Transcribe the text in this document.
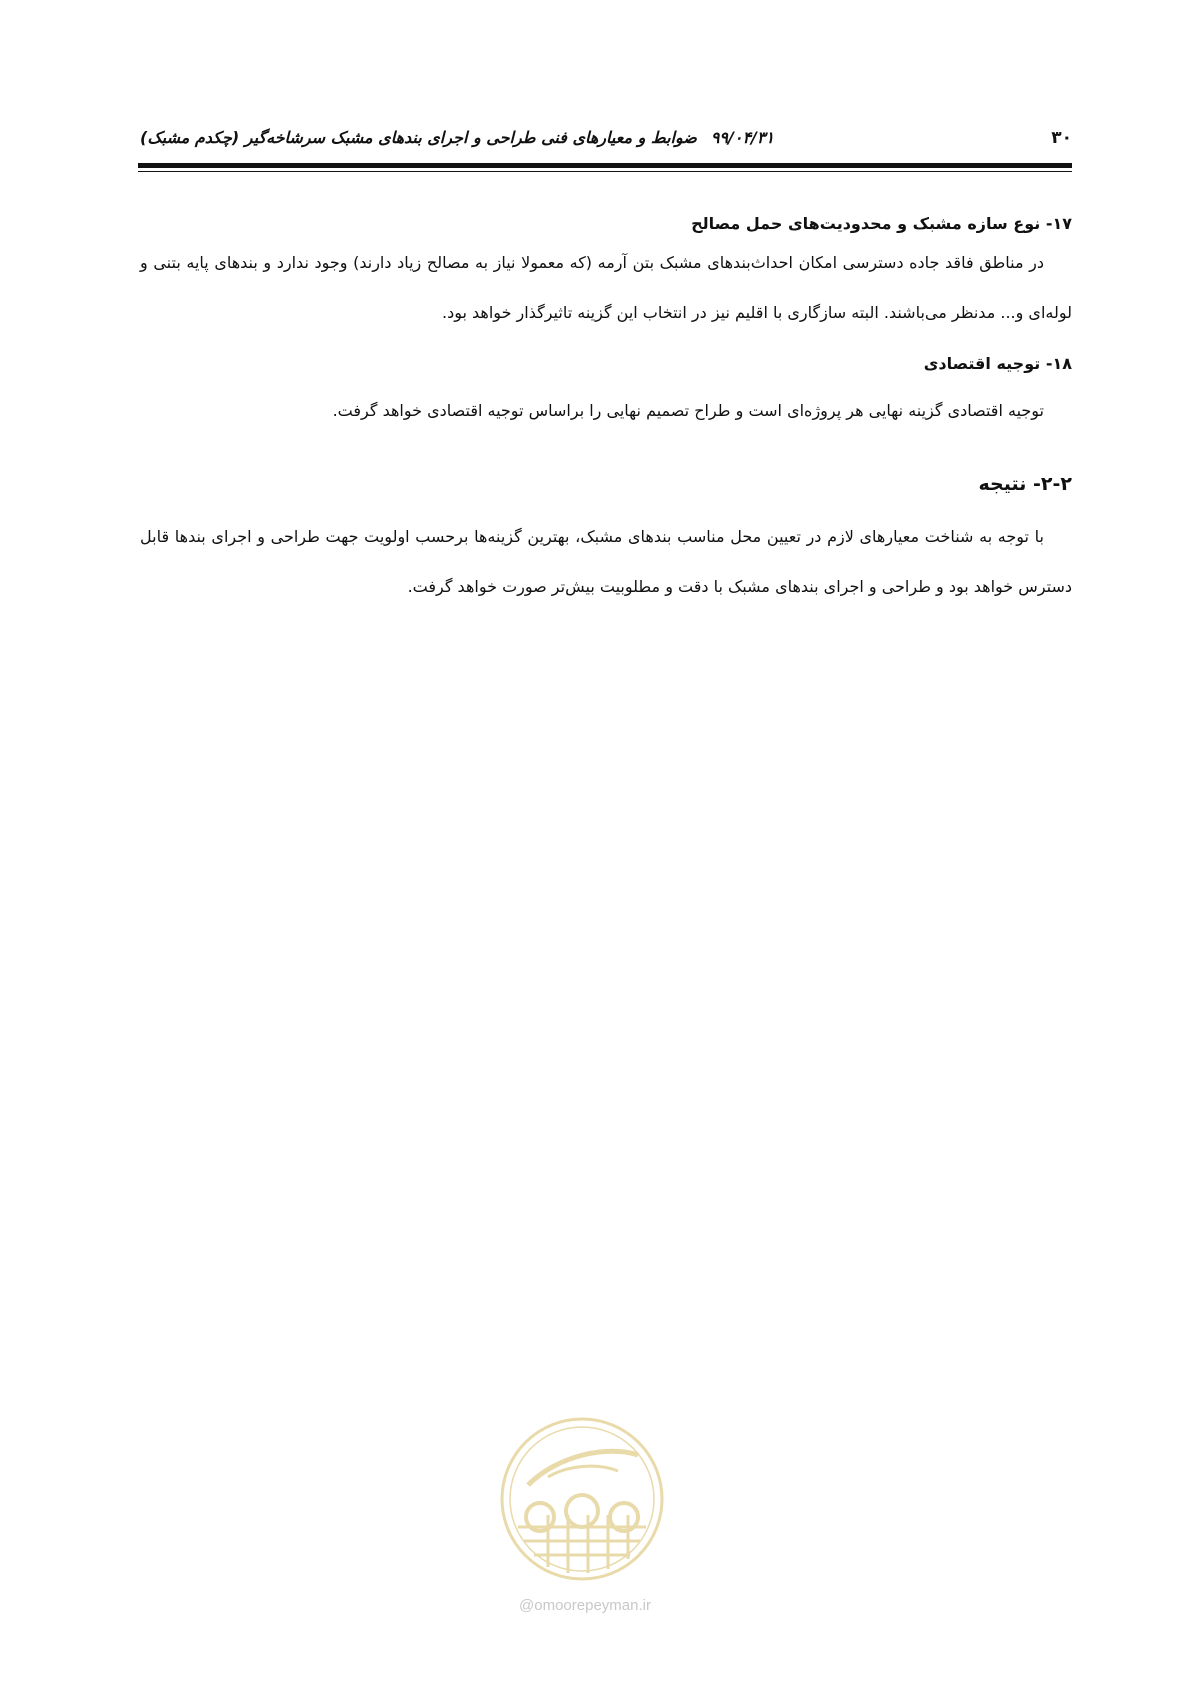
۳۰
۹۹/۰۴/۳۱ضوابط و معیارهای فنی طراحی و اجرای بندهای مشبک سرشاخه‌گیر (چکدم مشبک)
۱۷- نوع سازه مشبک و محدودیت‌های حمل مصالح

در مناطق فاقد جاده دسترسی امکان احداث‌بندهای مشبک بتن آرمه (که معمولا نیاز به مصالح زیاد دارند) وجود ندارد و بندهای پایه بتنی و لوله‌ای و... مدنظر می‌باشند. البته سازگاری با اقلیم نیز در انتخاب این گزینه تاثیرگذار خواهد بود.

۱۸- توجیه اقتصادی

توجیه اقتصادی گزینه نهایی هر پروژه‌ای است و طراح تصمیم نهایی را براساس توجیه اقتصادی خواهد گرفت.

۲-۲- نتیجه

با توجه به شناخت معیارهای لازم در تعیین محل مناسب بندهای مشبک، بهترین گزینه‌ها برحسب اولویت جهت طراحی و اجرای بندها قابل دسترس خواهد بود و طراحی و اجرای بندهای مشبک با دقت و مطلوبیت بیش‌تر صورت خواهد گرفت.

@omoorepeyman.ir
